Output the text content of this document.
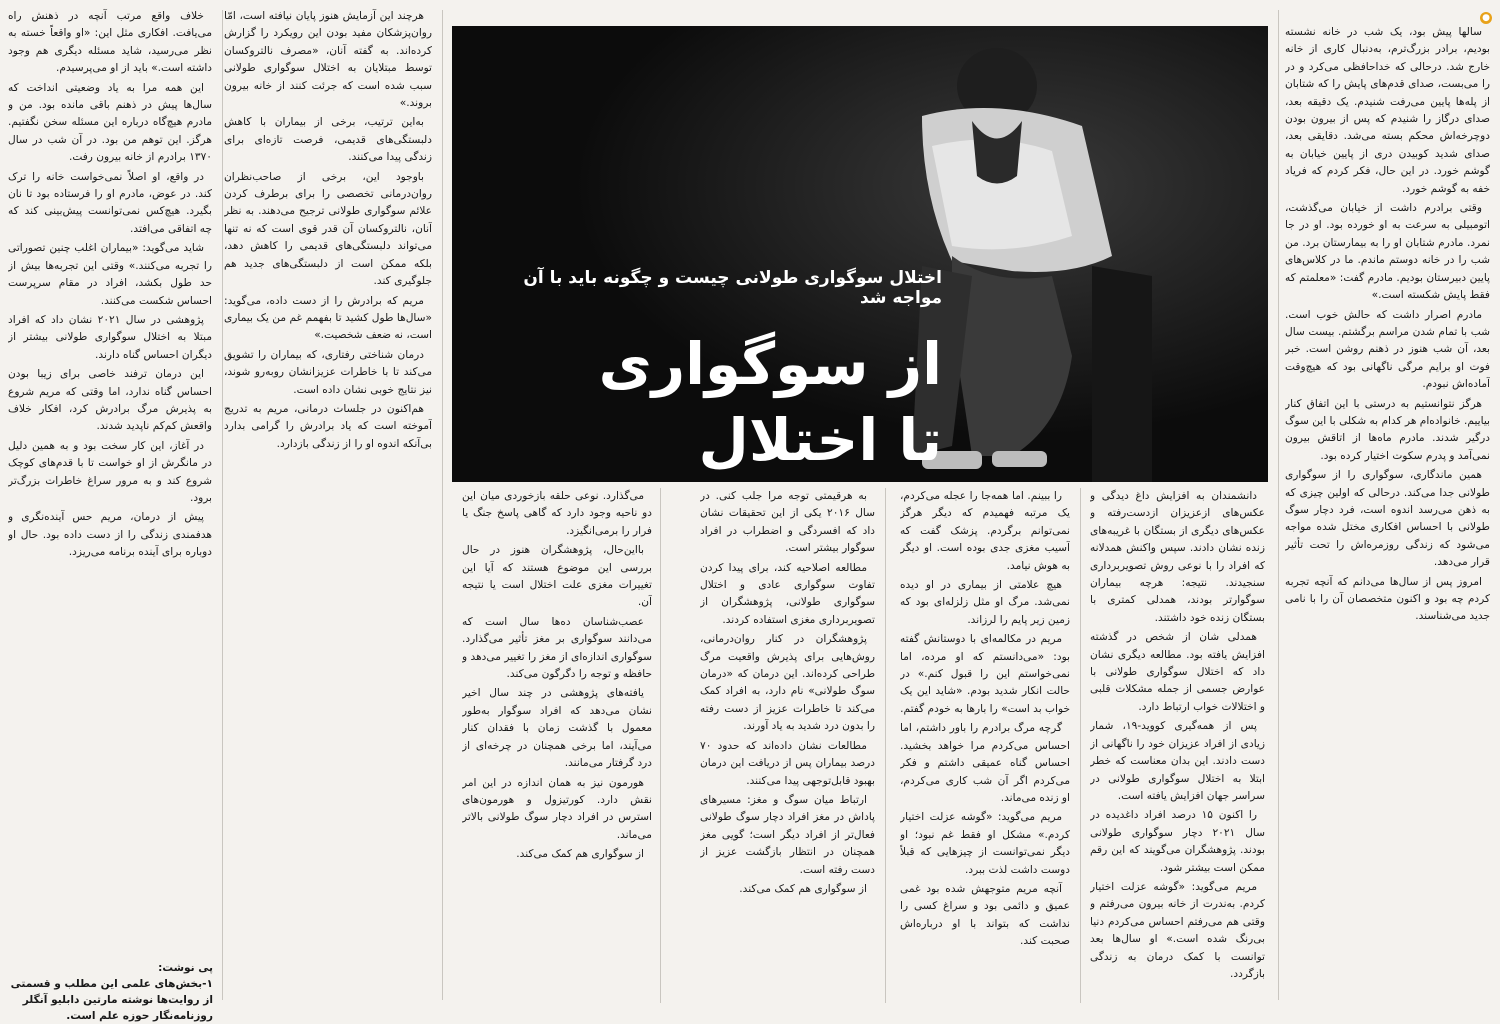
●

سالها پیش بود، یک شب در خانه نشسته بودیم، برادر بزرگ‌ترم، به‌دنبال کاری از خانه خارج شد. درحالی که خداحافظی می‌کرد و در را می‌بست، صدای قدم‌های پایش را که شتابان از پله‌ها پایین می‌رفت شنیدم. یک دقیقه بعد، صدای درگاز را شنیدم که پس از بیرون بودن دوچرخه‌اش محکم بسته می‌شد. دقایقی بعد، صدای شدید کوبیدن دری از پایین خیابان به گوشم خورد. در این حال، فکر کردم که فریاد خفه به گوشم خورد.

وقتی برادرم داشت از خیابان می‌گذشت، اتومبیلی به سرعت به او خورده بود. او در جا نمرد. مادرم شتابان او را به بیمارستان برد. من شب را در خانه دوستم ماندم. ما در کلاس‌های پایین دبیرستان بودیم. مادرم گفت: «معلمتم که فقط پایش شکسته است.»

مادرم اصرار داشت که حالش خوب است. شب با تمام شدن مراسم برگشتم. بیست سال بعد، آن شب هنوز در ذهنم روشن است. خبر فوت او برایم مرگی ناگهانی بود که هیچ‌وقت آماده‌اش نبودم.

هرگز نتوانستیم به درستی با این اتفاق کنار بیاییم. خانواده‌ام هر کدام به شکلی با این سوگ درگیر شدند. مادرم ماه‌ها از اتاقش بیرون نمی‌آمد و پدرم سکوت اختیار کرده بود.

همین ماندگاری، سوگواری را از سوگواری طولانی جدا می‌کند. درحالی که اولین چیزی که به ذهن می‌رسد اندوه است، فرد دچار سوگ طولانی با احساس افکاری مختل شده مواجه می‌شود که زندگی روزمره‌اش را تحت تأثیر قرار می‌دهد.

امروز پس از سال‌ها می‌دانم که آنچه تجربه کردم چه بود و اکنون متخصصان آن را با نامی جدید می‌شناسند.

اختلال سوگواری طولانی چیست و چگونه باید با آن مواجه شد
از سوگواری
تا اختلال

دانشمندان به افزایش داغ دیدگی و عکس‌های ازعزیزان ازدست‌رفته و عکس‌های دیگری از بستگان با غریبه‌های زنده نشان دادند. سپس واکنش همدلانه که افراد را با نوعی روش تصویربرداری سنجیدند. نتیجه: هرچه بیماران سوگوارتر بودند، همدلی کمتری با بستگان زنده خود داشتند.

همدلی شان از شخص در گذشته افزایش یافته بود. مطالعه دیگری نشان داد که اختلال سوگواری طولانی با عوارض جسمی از جمله مشکلات قلبی و اختلالات خواب ارتباط دارد.

پس از همه‌گیری کووید-۱۹، شمار زیادی از افراد عزیزان خود را ناگهانی از دست دادند. این بدان معناست که خطر ابتلا به اختلال سوگواری طولانی در سراسر جهان افزایش یافته است.

را اکنون ۱۵ درصد افراد داغدیده در سال ۲۰۲۱ دچار سوگواری طولانی بودند. پژوهشگران می‌گویند که این رقم ممکن است بیشتر شود.

مریم می‌گوید: «گوشه عزلت اختیار کردم. به‌ندرت از خانه بیرون می‌رفتم و وقتی هم می‌رفتم احساس می‌کردم دنیا بی‌رنگ شده است.» او سال‌ها بعد توانست با کمک درمان به زندگی بازگردد.

را ببینم. اما همه‌جا را عجله می‌کردم، یک مرتبه فهمیدم که دیگر هرگز نمی‌توانم برگردم. پزشک گفت که آسیب مغزی جدی بوده است. او دیگر به هوش نیامد.

هیچ علامتی از بیماری در او دیده نمی‌شد. مرگ او مثل زلزله‌ای بود که زمین زیر پایم را لرزاند.

مریم در مکالمه‌ای با دوستانش گفته بود: «می‌دانستم که او مرده، اما نمی‌خواستم این را قبول کنم.» در حالت انکار شدید بودم. «شاید این یک خواب بد است» را بارها به خودم گفتم.

گرچه مرگ برادرم را باور داشتم، اما احساس می‌کردم مرا خواهد بخشید. احساس گناه عمیقی داشتم و فکر می‌کردم اگر آن شب کاری می‌کردم، او زنده می‌ماند.

مریم می‌گوید: «گوشه عزلت اختیار کردم.» مشکل او فقط غم نبود؛ او دیگر نمی‌توانست از چیزهایی که قبلاً دوست داشت لذت ببرد.

آنچه مریم متوجهش شده بود غمی عمیق و دائمی بود و سراغ کسی را نداشت که بتواند با او درباره‌اش صحبت کند.

به هرقیمتی توجه مرا جلب کنی. در سال ۲۰۱۶ یکی از این تحقیقات نشان داد که افسردگی و اضطراب در افراد سوگوار بیشتر است.

مطالعه اصلاحیه کند، برای پیدا کردن تفاوت سوگواری عادی و اختلال سوگواری طولانی، پژوهشگران از تصویربرداری مغزی استفاده کردند.

پژوهشگران در کنار روان‌درمانی، روش‌هایی برای پذیرش واقعیت مرگ طراحی کرده‌اند. این درمان که «درمان سوگ طولانی» نام دارد، به افراد کمک می‌کند تا خاطرات عزیز از دست رفته را بدون درد شدید به یاد آورند.

مطالعات نشان داده‌اند که حدود ۷۰ درصد بیماران پس از دریافت این درمان بهبود قابل‌توجهی پیدا می‌کنند.

ارتباط میان سوگ و مغز: مسیرهای پاداش در مغز افراد دچار سوگ طولانی فعال‌تر از افراد دیگر است؛ گویی مغز همچنان در انتظار بازگشت عزیز از دست رفته است.

از سوگواری هم کمک می‌کند.

می‌گذارد. نوعی حلقه بازخوردی میان این دو ناحیه وجود دارد که گاهی پاسخ جنگ یا فرار را برمی‌انگیزد.

با‌این‌حال، پژوهشگران هنوز در حال بررسی این موضوع هستند که آیا این تغییرات مغزی علت اختلال است یا نتیجه آن.

عصب‌شناسان ده‌ها سال است که می‌دانند سوگواری بر مغز تأثیر می‌گذارد. سوگواری اندازه‌ای از مغز را تغییر می‌دهد و حافظه و توجه را دگرگون می‌کند.

یافته‌های پژوهشی در چند سال اخیر نشان می‌دهد که افراد سوگوار به‌طور معمول با گذشت زمان با فقدان کنار می‌آیند، اما برخی همچنان در چرخه‌ای از درد گرفتار می‌مانند.

هورمون نیز به همان اندازه در این امر نقش دارد. کورتیزول و هورمون‌های استرس در افراد دچار سوگ طولانی بالاتر می‌ماند.

از سوگواری هم کمک می‌کند.

هرچند این آزمایش هنوز پایان نیافته است، امّا روان‌پزشکان مفید بودن این رویکرد را گزارش کرده‌اند. به گفته آنان، «مصرف نالتروکسان توسط مبتلایان به اختلال سوگواری طولانی سبب شده است که جرئت کنند از خانه بیرون بروند.»

به‌این ترتیب، برخی از بیماران با کاهش دلبستگی‌های قدیمی، فرصت تازه‌ای برای زندگی پیدا می‌کنند.

باوجود این، برخی از صاحب‌نظران روان‌درمانی تخصصی را برای برطرف کردن علائم سوگواری طولانی ترجیح می‌دهند. به نظر آنان، نالتروکسان آن قدر قوی است که نه تنها می‌تواند دلبستگی‌های قدیمی را کاهش دهد، بلکه ممکن است از دلبستگی‌های جدید هم جلوگیری کند.

مریم که برادرش را از دست داده، می‌گوید: «سال‌ها طول کشید تا بفهمم غم من یک بیماری است، نه ضعف شخصیت.»

درمان شناختی رفتاری، که بیماران را تشویق می‌کند تا با خاطرات عزیزانشان روبه‌رو شوند، نیز نتایج خوبی نشان داده است.

هم‌اکنون در جلسات درمانی، مریم به تدریج آموخته است که یاد برادرش را گرامی بدارد بی‌آنکه اندوه او را از زندگی بازدارد.

خلاف واقع مرتب آنچه در ذهنش راه می‌یافت. افکاری مثل این: «او واقعاً خسته به نظر می‌رسید، شاید مسئله دیگری هم وجود داشته است.» باید از او می‌پرسیدم.

این همه مرا به یاد وضعیتی انداخت که سال‌ها پیش در ذهنم باقی مانده بود. من و مادرم هیچ‌گاه درباره این مسئله سخن نگفتیم. هرگز. این توهم من بود. در آن شب در سال ۱۳۷۰ برادرم از خانه بیرون رفت.

در واقع، او اصلاً نمی‌خواست خانه را ترک کند. در عوض، مادرم او را فرستاده بود تا نان بگیرد. هیچ‌کس نمی‌توانست پیش‌بینی کند که چه اتفاقی می‌افتد.

شاید می‌گوید: «بیماران اغلب چنین تصوراتی را تجربه می‌کنند.» وقتی این تجربه‌ها بیش از حد طول بکشد، افراد در مقام سرپرست احساس شکست می‌کنند.

پژوهشی در سال ۲۰۲۱ نشان داد که افراد مبتلا به اختلال سوگواری طولانی بیشتر از دیگران احساس گناه دارند.

این درمان ترفند خاصی برای زیبا بودن احساس گناه ندارد، اما وقتی که مریم شروع به پذیرش مرگ برادرش کرد، افکار خلاف واقعش کم‌کم ناپدید شدند.

در آغاز، این کار سخت بود و به همین دلیل در مانگرش از او خواست تا با قدم‌های کوچک شروع کند و به مرور سراغ خاطرات بزرگ‌تر برود.

پیش از درمان، مریم حس آینده‌نگری و هدفمندی زندگی را از دست داده بود. حال او دوباره برای آینده برنامه می‌ریزد.

پی نوشت:
۱-بخش‌های علمی این مطلب و قسمتی از روایت‌ها نوشته مارتین دابلیو آنگلر روزنامه‌نگار حوزه علم است.
